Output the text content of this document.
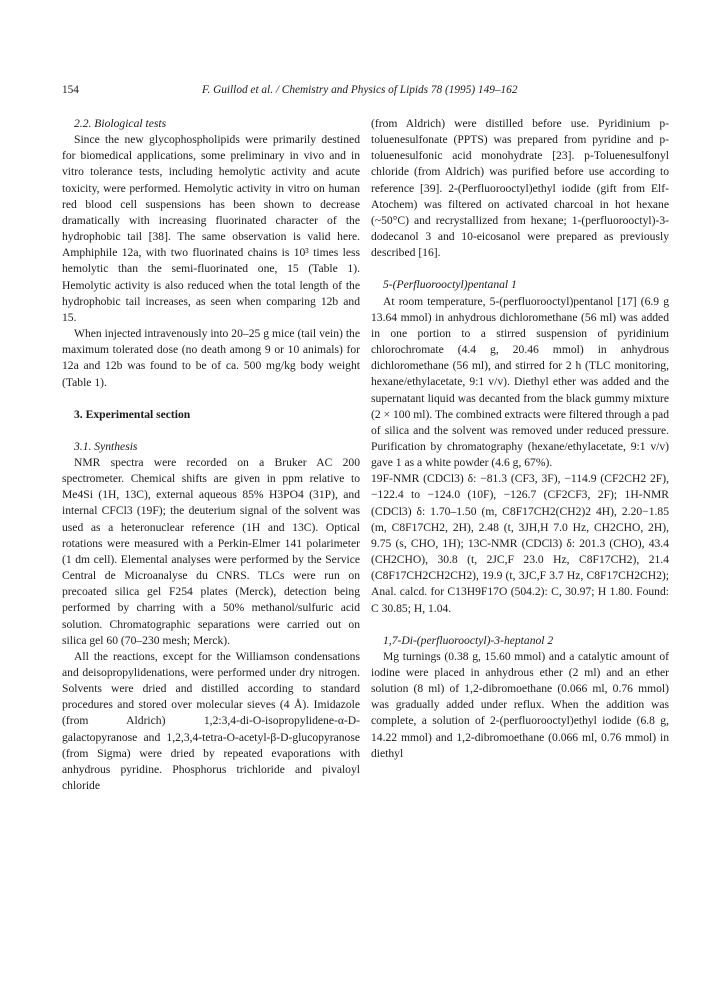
154	F. Guillod et al. / Chemistry and Physics of Lipids 78 (1995) 149–162

2.2. Biological tests

Since the new glycophospholipids were primarily destined for biomedical applications, some preliminary in vivo and in vitro tolerance tests, including hemolytic activity and acute toxicity, were performed. Hemolytic activity in vitro on human red blood cell suspensions has been shown to decrease dramatically with increasing fluorinated character of the hydrophobic tail [38]. The same observation is valid here. Amphiphile 12a, with two fluorinated chains is 10³ times less hemolytic than the semi-fluorinated one, 15 (Table 1). Hemolytic activity is also reduced when the total length of the hydrophobic tail increases, as seen when comparing 12b and 15.

When injected intravenously into 20–25 g mice (tail vein) the maximum tolerated dose (no death among 9 or 10 animals) for 12a and 12b was found to be of ca. 500 mg/kg body weight (Table 1).

3. Experimental section

3.1. Synthesis

NMR spectra were recorded on a Bruker AC 200 spectrometer. Chemical shifts are given in ppm relative to Me4Si (1H, 13C), external aqueous 85% H3PO4 (31P), and internal CFCl3 (19F); the deuterium signal of the solvent was used as a heteronuclear reference (1H and 13C). Optical rotations were measured with a Perkin-Elmer 141 polarimeter (1 dm cell). Elemental analyses were performed by the Service Central de Microanalyse du CNRS. TLCs were run on precoated silica gel F254 plates (Merck), detection being performed by charring with a 50% methanol/sulfuric acid solution. Chromatographic separations were carried out on silica gel 60 (70–230 mesh; Merck).

All the reactions, except for the Williamson condensations and deisopropylidenations, were performed under dry nitrogen. Solvents were dried and distilled according to standard procedures and stored over molecular sieves (4 Å). Imidazole (from Aldrich) 1,2:3,4-di-O-isopropylidene-α-D-galactopyranose and 1,2,3,4-tetra-O-acetyl-β-D-glucopyranose (from Sigma) were dried by repeated evaporations with anhydrous pyridine. Phosphorus trichloride and pivaloyl chloride

(from Aldrich) were distilled before use. Pyridinium p-toluenesulfonate (PPTS) was prepared from pyridine and p-toluenesulfonic acid monohydrate [23]. p-Toluenesulfonyl chloride (from Aldrich) was purified before use according to reference [39]. 2-(Perfluorooctyl)ethyl iodide (gift from Elf-Atochem) was filtered on activated charcoal in hot hexane (~50°C) and recrystallized from hexane; 1-(perfluorooctyl)-3-dodecanol 3 and 10-eicosanol were prepared as previously described [16].

5-(Perfluorooctyl)pentanal 1

At room temperature, 5-(perfluorooctyl)pentanol [17] (6.9 g 13.64 mmol) in anhydrous dichloromethane (56 ml) was added in one portion to a stirred suspension of pyridinium chlorochromate (4.4 g, 20.46 mmol) in anhydrous dichloromethane (56 ml), and stirred for 2 h (TLC monitoring, hexane/ethylacetate, 9:1 v/v). Diethyl ether was added and the supernatant liquid was decanted from the black gummy mixture (2 × 100 ml). The combined extracts were filtered through a pad of silica and the solvent was removed under reduced pressure. Purification by chromatography (hexane/ethylacetate, 9:1 v/v) gave 1 as a white powder (4.6 g, 67%).

19F-NMR (CDCl3) δ: −81.3 (CF3, 3F), −114.9 (CF2CH2 2F), −122.4 to −124.0 (10F), −126.7 (CF2CF3, 2F); 1H-NMR (CDCl3) δ: 1.70–1.50 (m, C8F17CH2(CH2)2 4H), 2.20−1.85 (m, C8F17CH2, 2H), 2.48 (t, 3JH,H 7.0 Hz, CH2CHO, 2H), 9.75 (s, CHO, 1H); 13C-NMR (CDCl3) δ: 201.3 (CHO), 43.4 (CH2CHO), 30.8 (t, 2JC,F 23.0 Hz, C8F17CH2), 21.4 (C8F17CH2CH2CH2), 19.9 (t, 3JC,F 3.7 Hz, C8F17CH2CH2); Anal. calcd. for C13H9F17O (504.2): C, 30.97; H 1.80. Found: C 30.85; H, 1.04.

1,7-Di-(perfluorooctyl)-3-heptanol 2

Mg turnings (0.38 g, 15.60 mmol) and a catalytic amount of iodine were placed in anhydrous ether (2 ml) and an ether solution (8 ml) of 1,2-dibromoethane (0.066 ml, 0.76 mmol) was gradually added under reflux. When the addition was complete, a solution of 2-(perfluorooctyl)ethyl iodide (6.8 g, 14.22 mmol) and 1,2-dibromoethane (0.066 ml, 0.76 mmol) in diethyl
